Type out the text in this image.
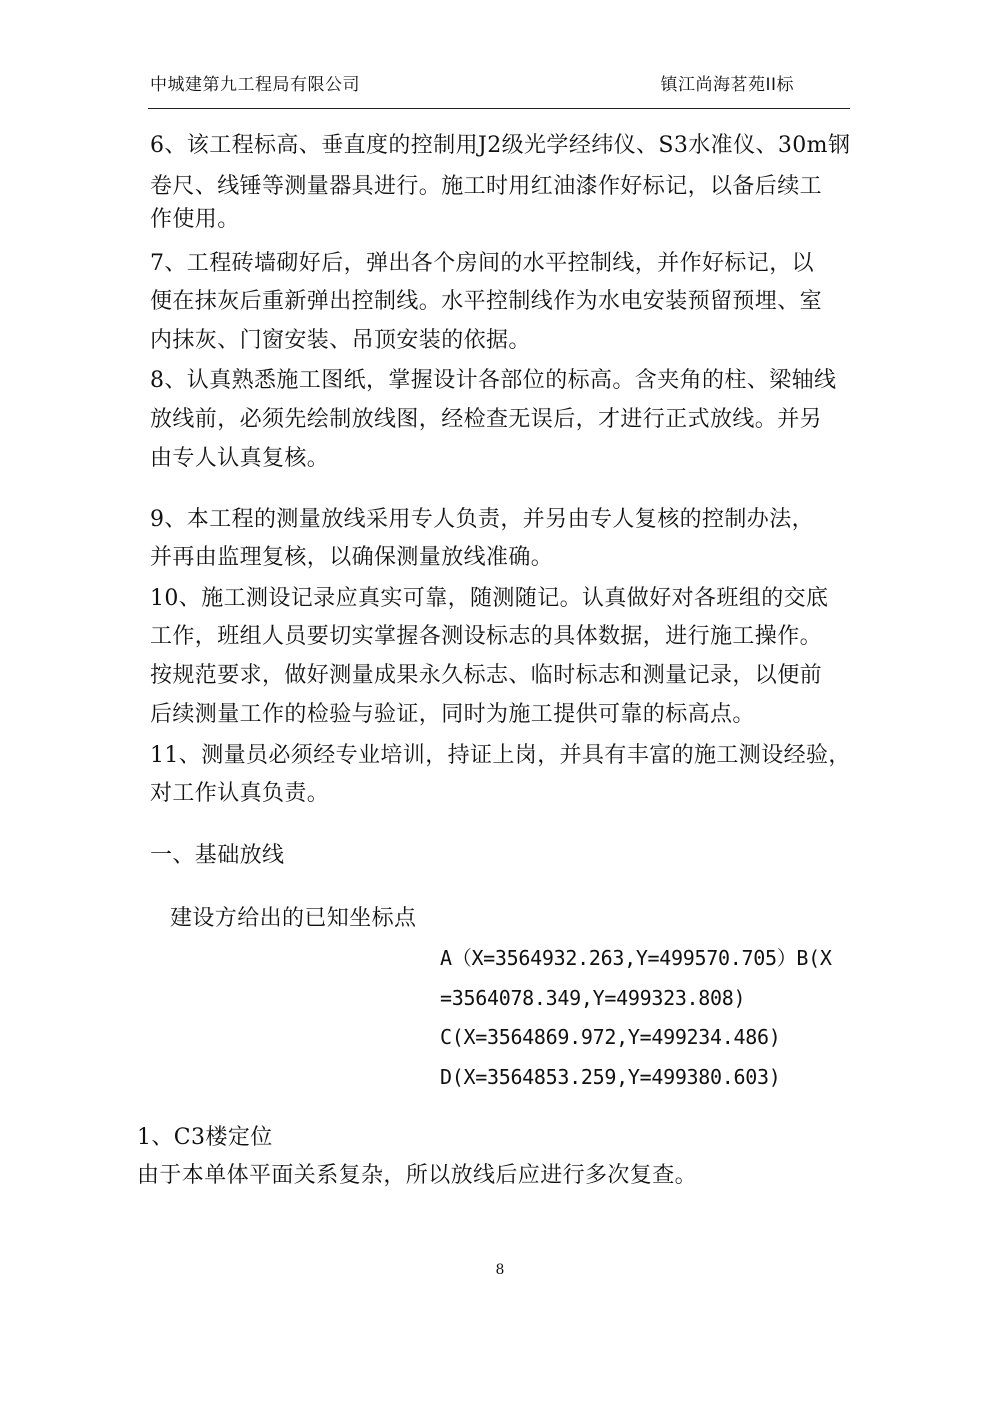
中城建第九工程局有限公司	镇江尚海茗苑II标
6、该工程标高、垂直度的控制用J2级光学经纬仪、S3水准仪、30m钢
卷尺、线锤等测量器具进行。施工时用红油漆作好标记，以备后续工
作使用。
7、工程砖墙砌好后，弹出各个房间的水平控制线，并作好标记，以
便在抹灰后重新弹出控制线。水平控制线作为水电安装预留预埋、室
内抹灰、门窗安装、吊顶安装的依据。
8、认真熟悉施工图纸，掌握设计各部位的标高。含夹角的柱、梁轴线
放线前，必须先绘制放线图，经检查无误后，才进行正式放线。并另
由专人认真复核。
9、本工程的测量放线采用专人负责，并另由专人复核的控制办法，
并再由监理复核，以确保测量放线准确。
10、施工测设记录应真实可靠，随测随记。认真做好对各班组的交底
工作，班组人员要切实掌握各测设标志的具体数据，进行施工操作。
按规范要求，做好测量成果永久标志、临时标志和测量记录，以便前
后续测量工作的检验与验证，同时为施工提供可靠的标高点。
11、测量员必须经专业培训，持证上岗，并具有丰富的施工测设经验，
对工作认真负责。
一、基础放线
建设方给出的已知坐标点
A（X=3564932.263,Y=499570.705）B(X
=3564078.349,Y=499323.808)
C(X=3564869.972,Y=499234.486)
D(X=3564853.259,Y=499380.603)
1、C3楼定位
由于本单体平面关系复杂，所以放线后应进行多次复查。
8
